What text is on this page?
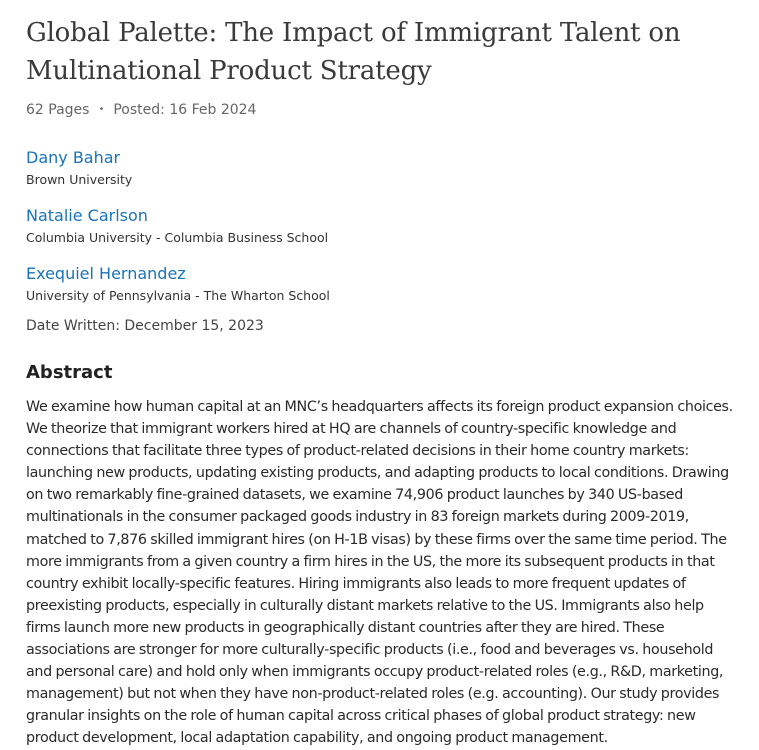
Global Palette: The Impact of Immigrant Talent on Multinational Product Strategy
62 Pages • Posted: 16 Feb 2024
Dany Bahar
Brown University
Natalie Carlson
Columbia University - Columbia Business School
Exequiel Hernandez
University of Pennsylvania - The Wharton School
Date Written: December 15, 2023
Abstract

We examine how human capital at an MNC’s headquarters affects its foreign product expansion choices. We theorize that immigrant workers hired at HQ are channels of country-specific knowledge and connections that facilitate three types of product-related decisions in their home country markets: launching new products, updating existing products, and adapting products to local conditions. Drawing on two remarkably fine-grained datasets, we examine 74,906 product launches by 340 US-based multinationals in the consumer packaged goods industry in 83 foreign markets during 2009-2019, matched to 7,876 skilled immigrant hires (on H-1B visas) by these firms over the same time period. The more immigrants from a given country a firm hires in the US, the more its subsequent products in that country exhibit locally-specific features. Hiring immigrants also leads to more frequent updates of preexisting products, especially in culturally distant markets relative to the US. Immigrants also help firms launch more new products in geographically distant countries after they are hired. These associations are stronger for more culturally-specific products (i.e., food and beverages vs. household and personal care) and hold only when immigrants occupy product-related roles (e.g., R&D, marketing, management) but not when they have non-product-related roles (e.g. accounting). Our study provides granular insights on the role of human capital across critical phases of global product strategy: new product development, local adaptation capability, and ongoing product management.
